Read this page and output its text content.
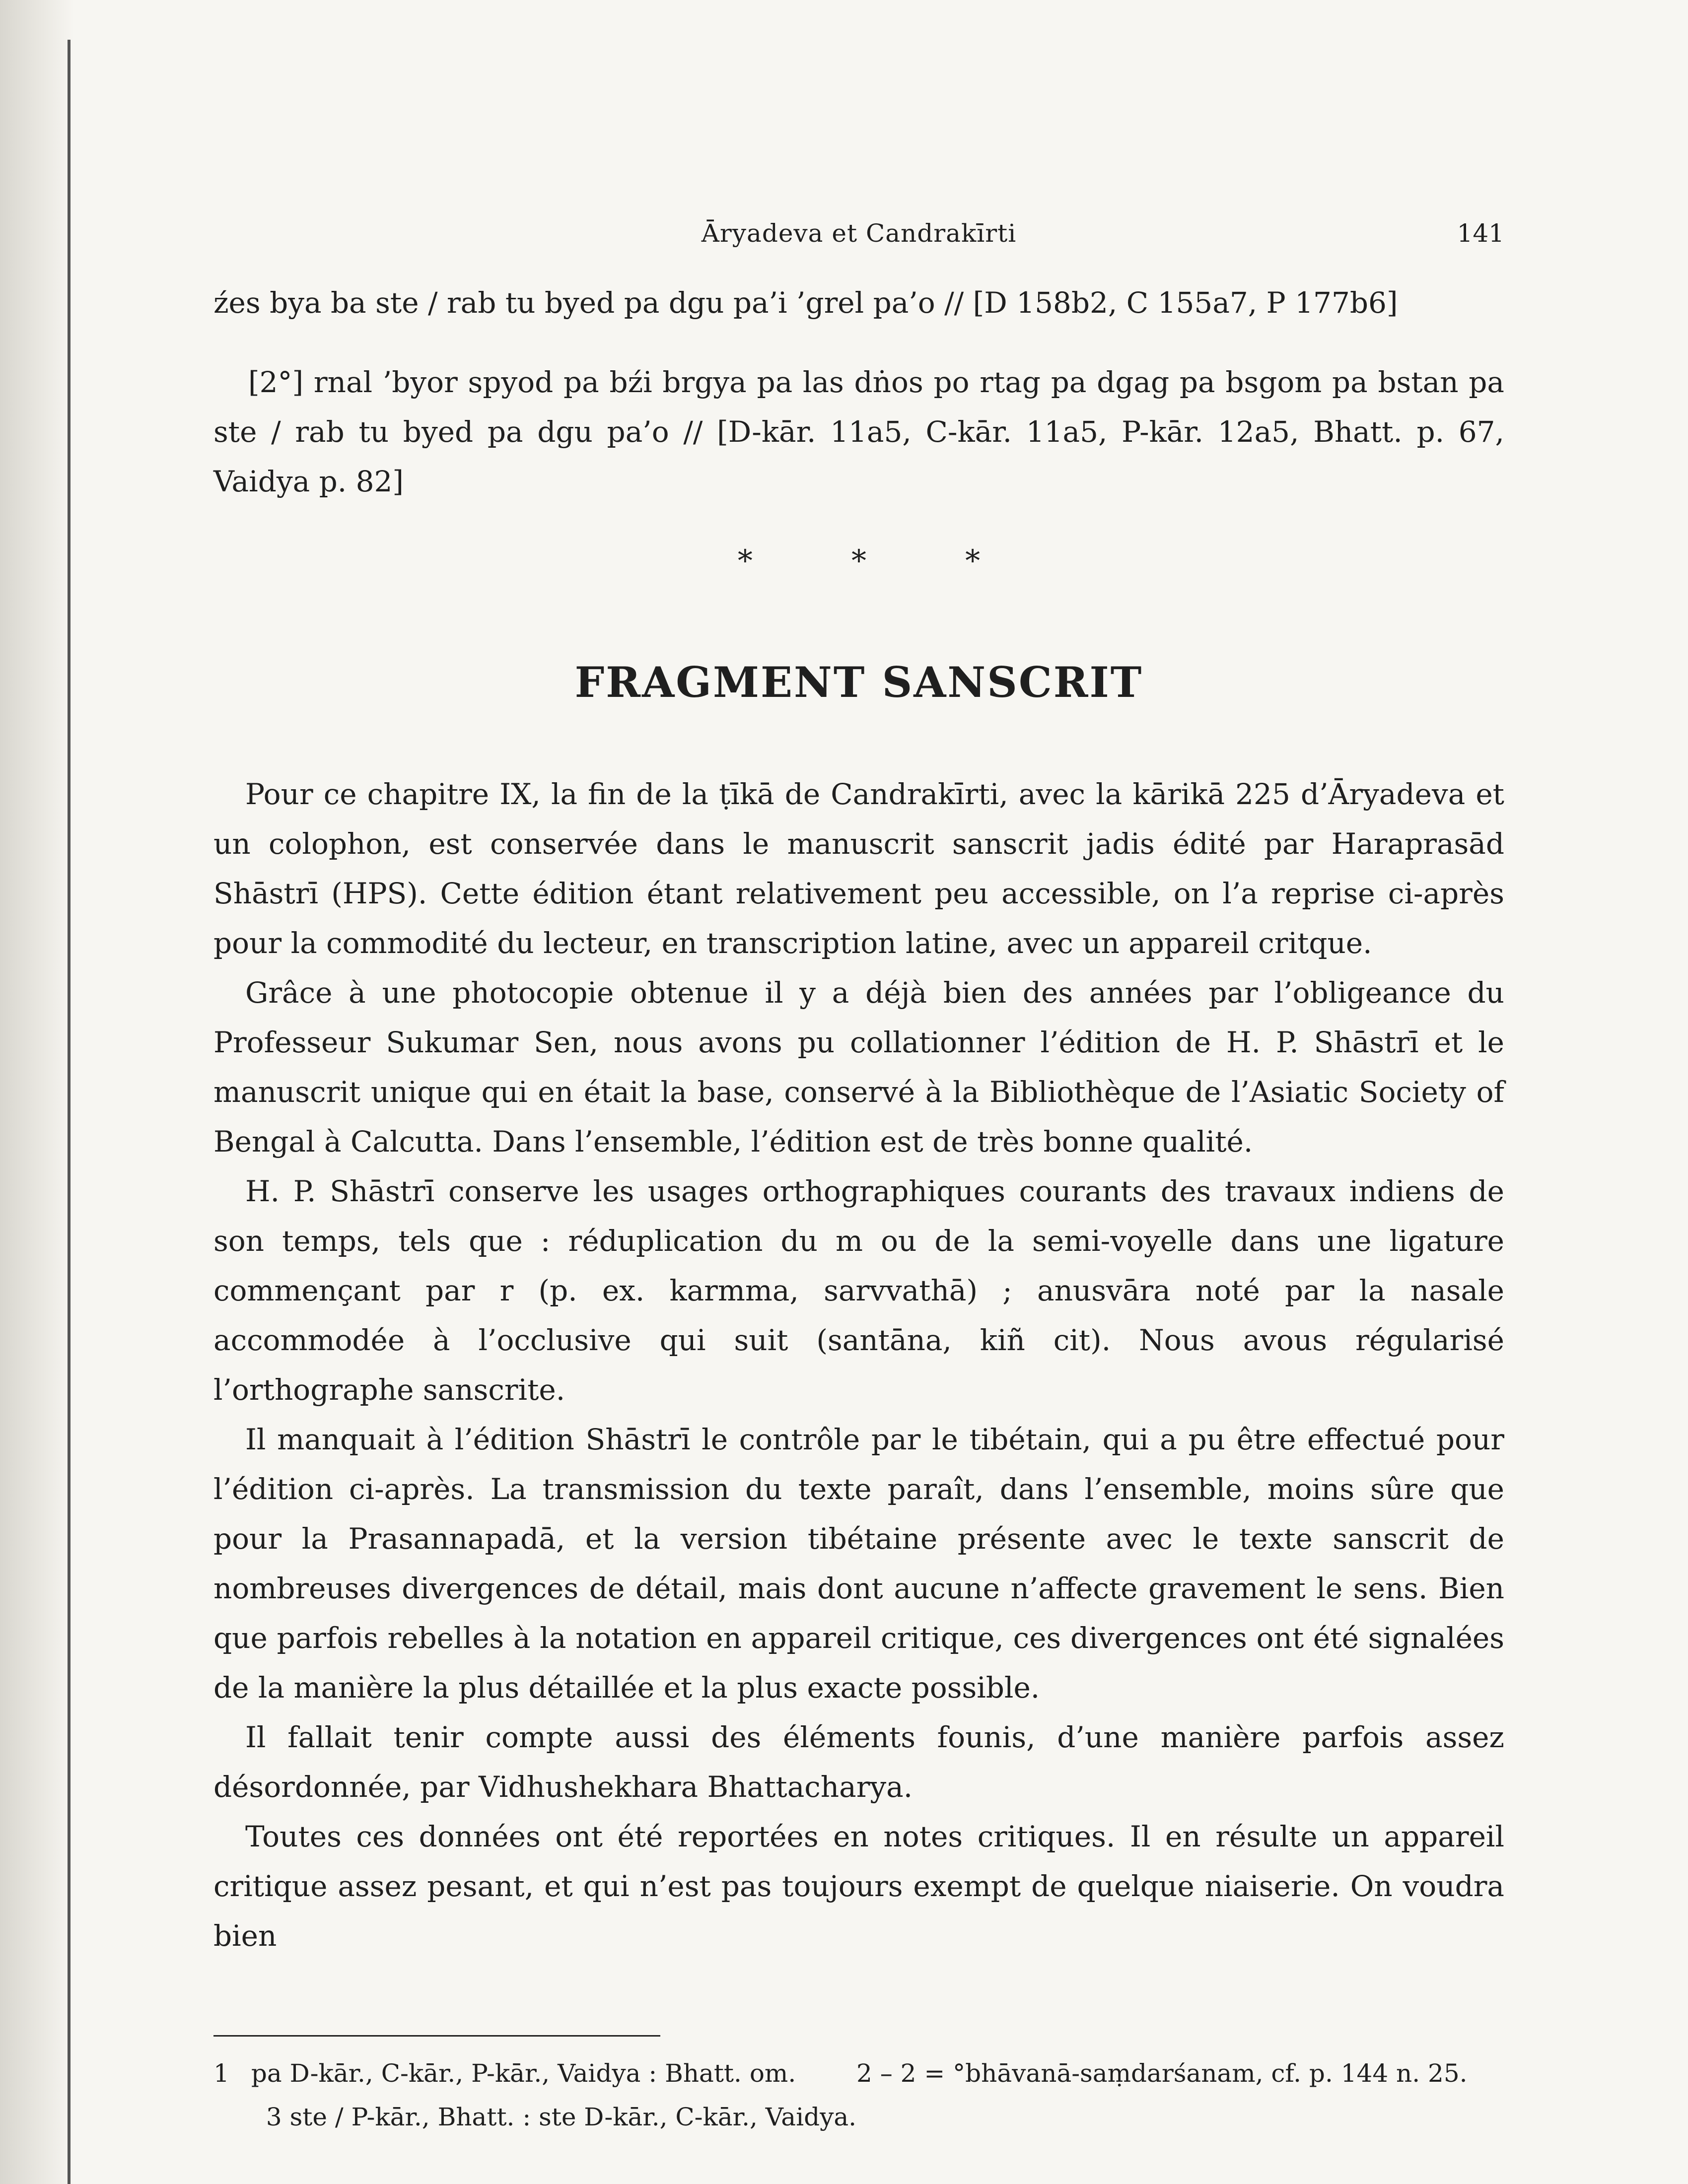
Āryadeva et Candrakīrti	141

źes bya ba ste / rab tu byed pa dgu pa’i ’grel pa’o // [D 158b2, C 155a7, P 177b6]

[2°] rnal ’byor spyod pa bźi brgya pa las dṅos po rtag pa dgag pa bsgom pa bstan pa ste / rab tu byed pa dgu pa’o // [D-kār. 11a5, C-kār. 11a5, P-kār. 12a5, Bhatt. p. 67, Vaidya p. 82]

* * *
FRAGMENT SANSCRIT

Pour ce chapitre IX, la fin de la ṭīkā de Candrakīrti, avec la kārikā 225 d’Āryadeva et un colophon, est conservée dans le manuscrit sanscrit jadis édité par Haraprasād Shāstrī (HPS). Cette édition étant relativement peu accessible, on l’a reprise ci-après pour la commodité du lecteur, en transcription latine, avec un appareil critque.

Grâce à une photocopie obtenue il y a déjà bien des années par l’obligeance du Professeur Sukumar Sen, nous avons pu collationner l’édition de H. P. Shāstrī et le manuscrit unique qui en était la base, conservé à la Bibliothèque de l’Asiatic Society of Bengal à Calcutta. Dans l’ensemble, l’édition est de très bonne qualité.

H. P. Shāstrī conserve les usages orthographiques courants des travaux indiens de son temps, tels que : réduplication du m ou de la semi-voyelle dans une ligature commençant par r (p. ex. karmma, sarvvathā) ; anusvāra noté par la nasale accommodée à l’occlusive qui suit (santāna, kiñ cit). Nous avous régularisé l’orthographe sanscrite.

Il manquait à l’édition Shāstrī le contrôle par le tibétain, qui a pu être effectué pour l’édition ci-après. La transmission du texte paraît, dans l’ensemble, moins sûre que pour la Prasannapadā, et la version tibétaine présente avec le texte sanscrit de nombreuses divergences de détail, mais dont aucune n’affecte gravement le sens. Bien que parfois rebelles à la notation en appareil critique, ces divergences ont été signalées de la manière la plus détaillée et la plus exacte possible.

Il fallait tenir compte aussi des éléments founis, d’une manière parfois assez désordonnée, par Vidhushekhara Bhattacharya.

Toutes ces données ont été reportées en notes critiques. Il en résulte un appareil critique assez pesant, et qui n’est pas toujours exempt de quelque niaiserie. On voudra bien

1 pa D-kār., C-kār., P-kār., Vaidya : Bhatt. om. 2 – 2 = °bhāvanā-saṃdarśanam, cf. p. 144 n. 25.  3 ste / P-kār., Bhatt. : ste D-kār., C-kār., Vaidya.
